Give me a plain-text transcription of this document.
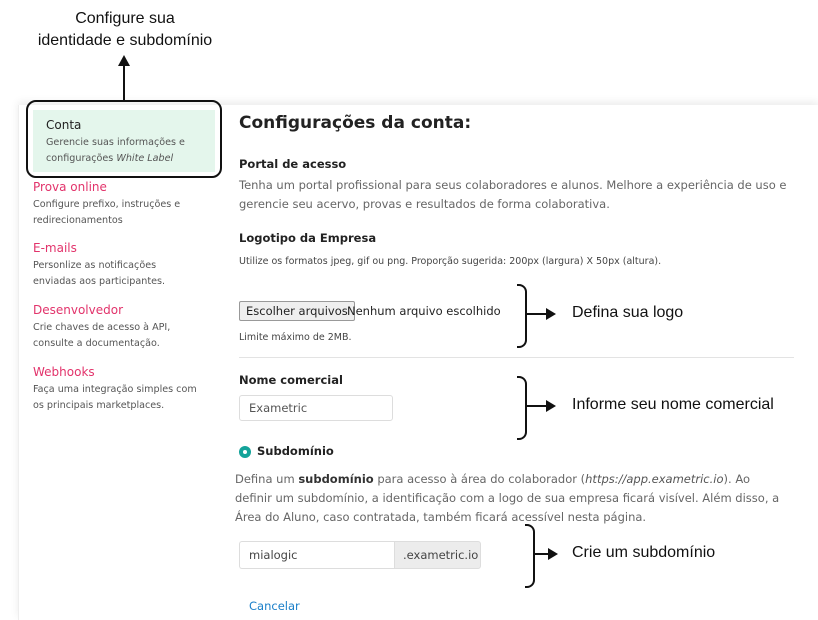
Configure sua
identidade e subdomínio
Conta
Gerencie suas informações e
configurações White Label
Prova online
Configure prefixo, instruções e
redirecionamentos
E-mails
Personlize as notificações
enviadas aos participantes.
Desenvolvedor
Crie chaves de acesso à API,
consulte a documentação.
Webhooks
Faça uma integração simples com
os principais marketplaces.
Configurações da conta:
Portal de acesso
Tenha um portal profissional para seus colaboradores e alunos. Melhore a experiência de uso e gerencie seu acervo, provas e resultados de forma colaborativa.
Logotipo da Empresa
Utilize os formatos jpeg, gif ou png. Proporção sugerida: 200px (largura) X 50px (altura).
Escolher arquivos Nenhum arquivo escolhido
Limite máximo de 2MB.
Nome comercial
Exametric
Subdomínio
Defina um subdomínio para acesso à área do colaborador (https://app.exametric.io). Ao definir um subdomínio, a identificação com a logo de sua empresa ficará visível. Além disso, a Área do Aluno, caso contratada, também ficará acessível nesta página.
mialogic
.exametric.io
Cancelar
Defina sua logo
Informe seu nome comercial
Crie um subdomínio
